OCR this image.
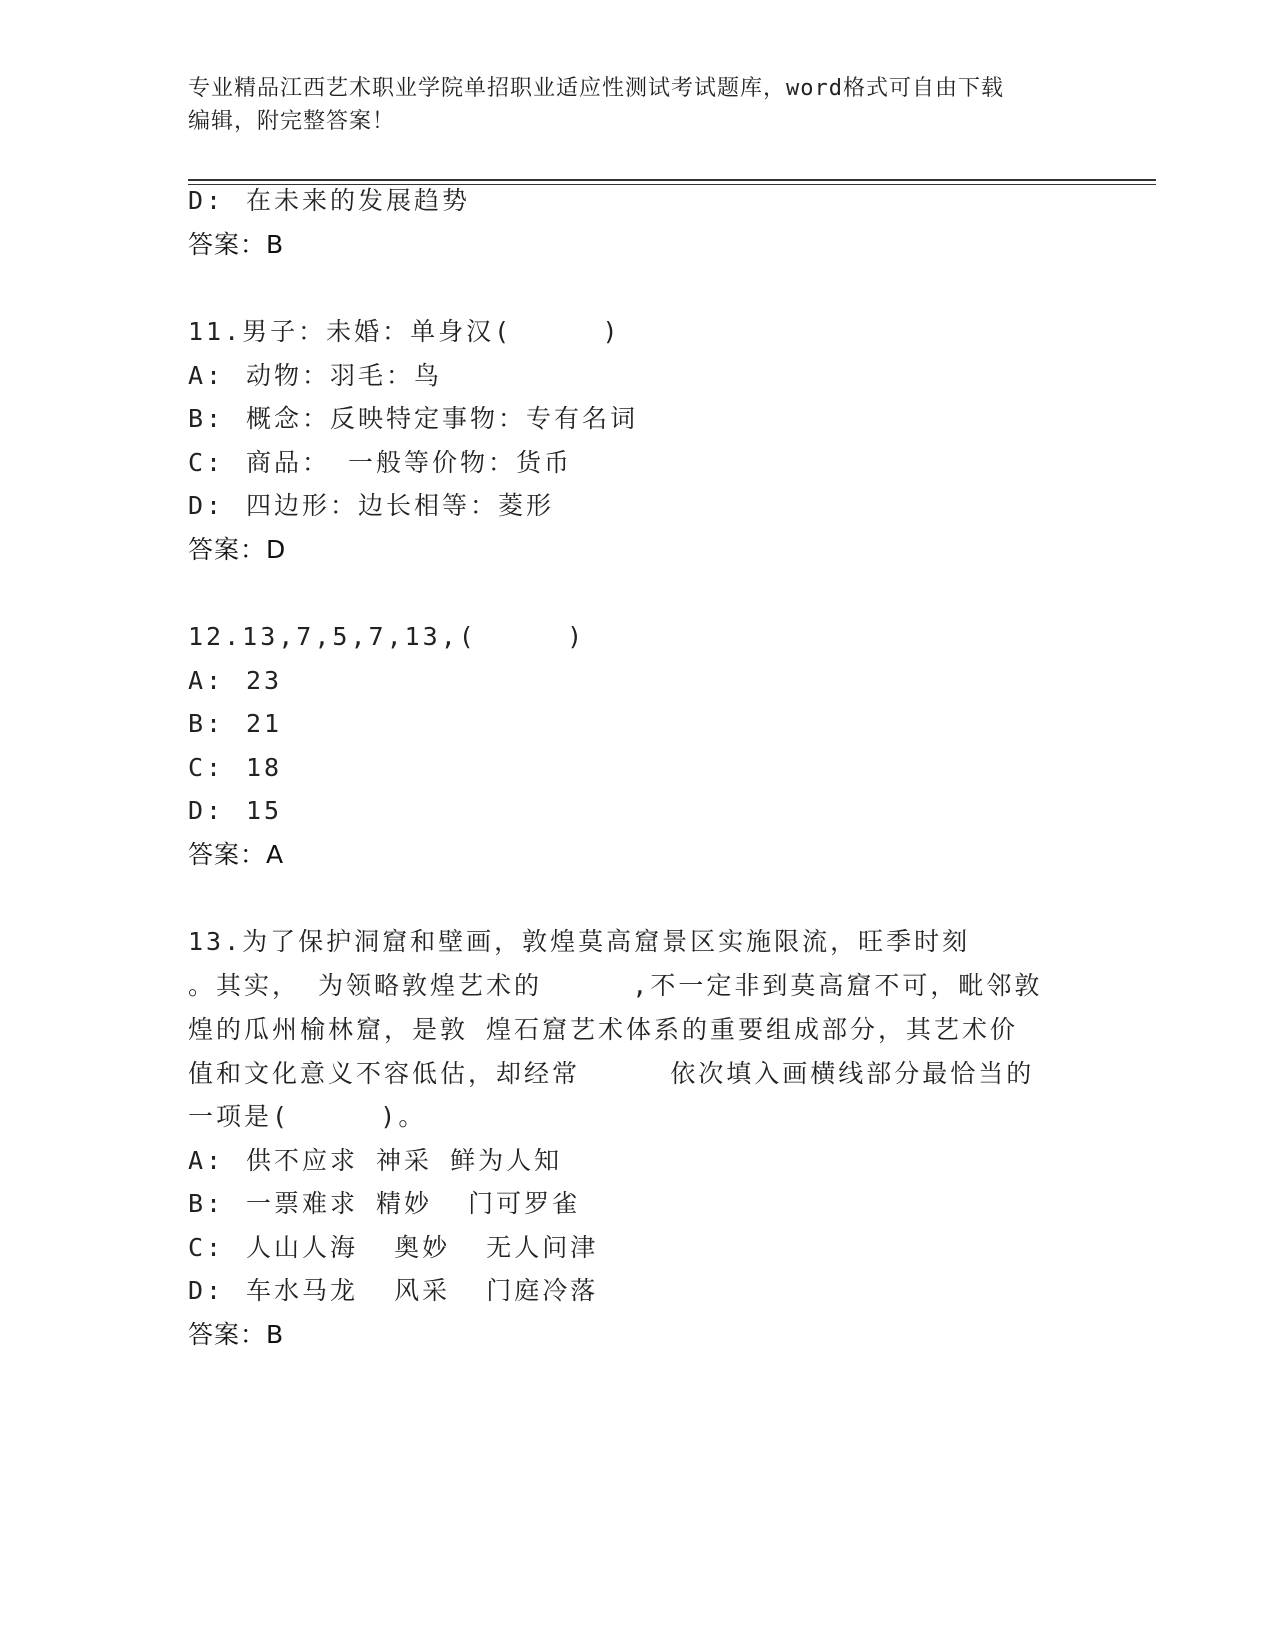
专业精品江西艺术职业学院单招职业适应性测试考试题库，word格式可自由下载
编辑，附完整答案！
D: 在未来的发展趋势
答案：B
11.男子：未婚：单身汉(     )
A: 动物：羽毛：鸟
B: 概念：反映特定事物：专有名词
C: 商品： 一般等价物：货币
D: 四边形：边长相等：菱形
答案：D
12.13,7,5,7,13,(     )
A: 23
B: 21
C: 18
D: 15
答案：A
13.为了保护洞窟和壁画，敦煌莫高窟景区实施限流，旺季时刻
。其实， 为领略敦煌艺术的     ,不一定非到莫高窟不可，毗邻敦
煌的瓜州榆林窟，是敦 煌石窟艺术体系的重要组成部分，其艺术价
值和文化意义不容低估，却经常     依次填入画横线部分最恰当的
一项是(     )。
A: 供不应求 神采 鲜为人知
B: 一票难求 精妙  门可罗雀
C: 人山人海  奥妙  无人问津
D: 车水马龙  风采  门庭冷落
答案：B
